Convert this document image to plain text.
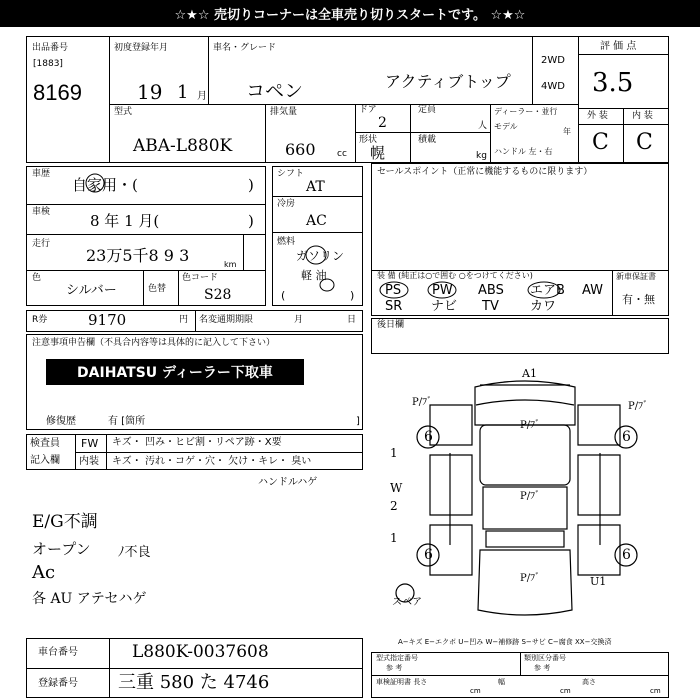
☆★☆ 売切りコーナーは全車売り切りスタートです。 ☆★☆
出品番号
[1883]
8169
初度登録年月
19 1 月
車名・グレード
コペン	アクティブトップ
2WD
4WD
評 価 点
3.5
外 装	内 装
C C
型式
ABA-L880K
排気量
660 cc
ドア
2
定員
人
形状
幌
積載
kg
ディーラー・並行
モデル
年
ハンドル 左・右
車歴
自家用・(	)
車検	8 年 1 月(	)
走行
23万5千8 9 3	km
色
シルバー	色替
色コード
S28
R券	9170	円 名変通期期限	月	日
シフト
AT
冷房
AC
燃料
ガソリン
軽 油
(	)
セールスポイント（正常に機能するものに限ります）
装 備 (純正は○で囲む ○をつけてください)
PS PW ABS エアB AW
SR ナビ TV カワ
新車保証書
有・無
後日欄
注意事項申告欄（不具合内容等は具体的に記入して下さい）
DAIHATSU ディーラー下取車
修復歴	有 [箇所	]
検査員
記入欄
FW キズ・ 凹み・ヒビ割・リペア跡・X要
内装 キズ・ 汚れ・コゲ・穴・ 欠け・キレ・ 臭い
ハンドルハゲ
E/G不調
オープン ﾉ不良
Ac
各 AU アテセハゲ
A1
P/ﾌﾞ	P/ﾌﾞ
P/ﾌﾞ
P/ﾌﾞ
P/ﾌﾞ	U1
6	6
6	6
1
W
2
1
スペア
A−キズ E−エクボ U−凹み W−補修跡 S−サビ C−腐食 XX−交換済
車台番号	L880K-0037608
登録番号 三重 580 た 4746
型式指定番号
参 考
類別区分番号
参 考
車検証明書 長さ
cm
幅
cm
高さ
cm
